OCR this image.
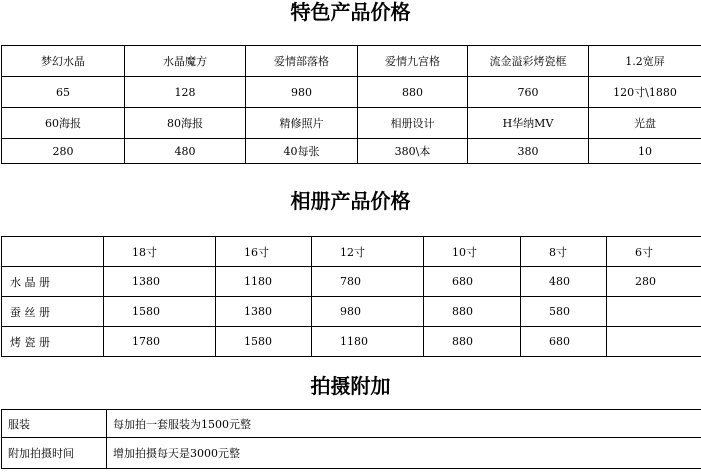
特色产品价格
梦幻水晶	水晶魔方	爱情部落格	爱情九宫格	流金溢彩烤瓷框	1.2宽屏
65	128	980	880	760	120寸\1880
60海报	80海报	精修照片	相册设计	H华纳MV	光盘
280	480	40每张	380\本	380	10
相册产品价格
	18寸	16寸	12寸	10寸	8寸	6寸
水 晶 册	1380	1180	780	680	480	280
蚕 丝 册	1580	1380	980	880	580	
烤 瓷 册	1780	1580	1180	880	680	
拍摄附加
服装	每加拍一套服装为1500元整
附加拍摄时间	增加拍摄每天是3000元整
